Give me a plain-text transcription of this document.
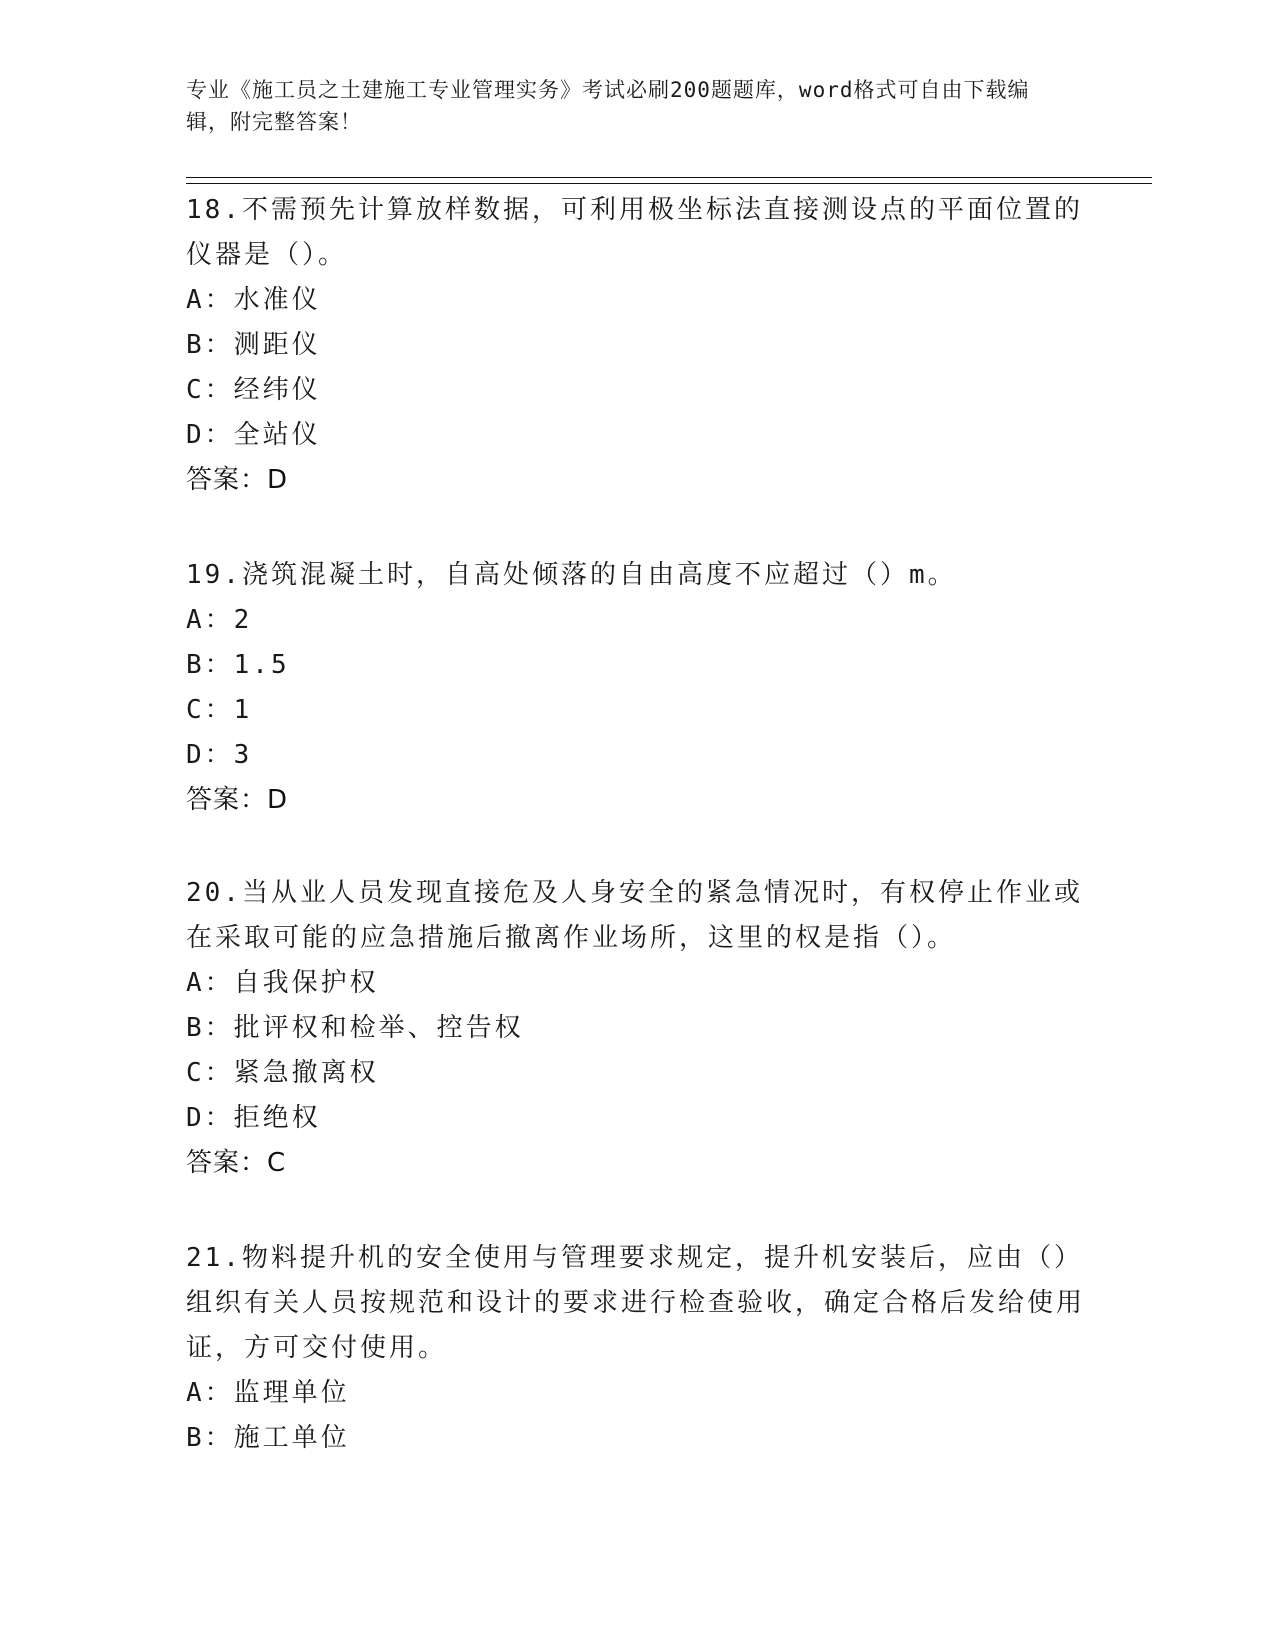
专业《施工员之土建施工专业管理实务》考试必刷200题题库，word格式可自由下载编辑，附完整答案！

18.不需预先计算放样数据，可利用极坐标法直接测设点的平面位置的仪器是（）。

A：水准仪

B：测距仪

C：经纬仪

D：全站仪

答案：D

19.浇筑混凝土时，自高处倾落的自由高度不应超过（）m。

A：2

B：1.5

C：1

D：3

答案：D

20.当从业人员发现直接危及人身安全的紧急情况时，有权停止作业或在采取可能的应急措施后撤离作业场所，这里的权是指（）。

A：自我保护权

B：批评权和检举、控告权

C：紧急撤离权

D：拒绝权

答案：C

21.物料提升机的安全使用与管理要求规定，提升机安装后，应由（）组织有关人员按规范和设计的要求进行检查验收，确定合格后发给使用证，方可交付使用。

A：监理单位

B：施工单位
